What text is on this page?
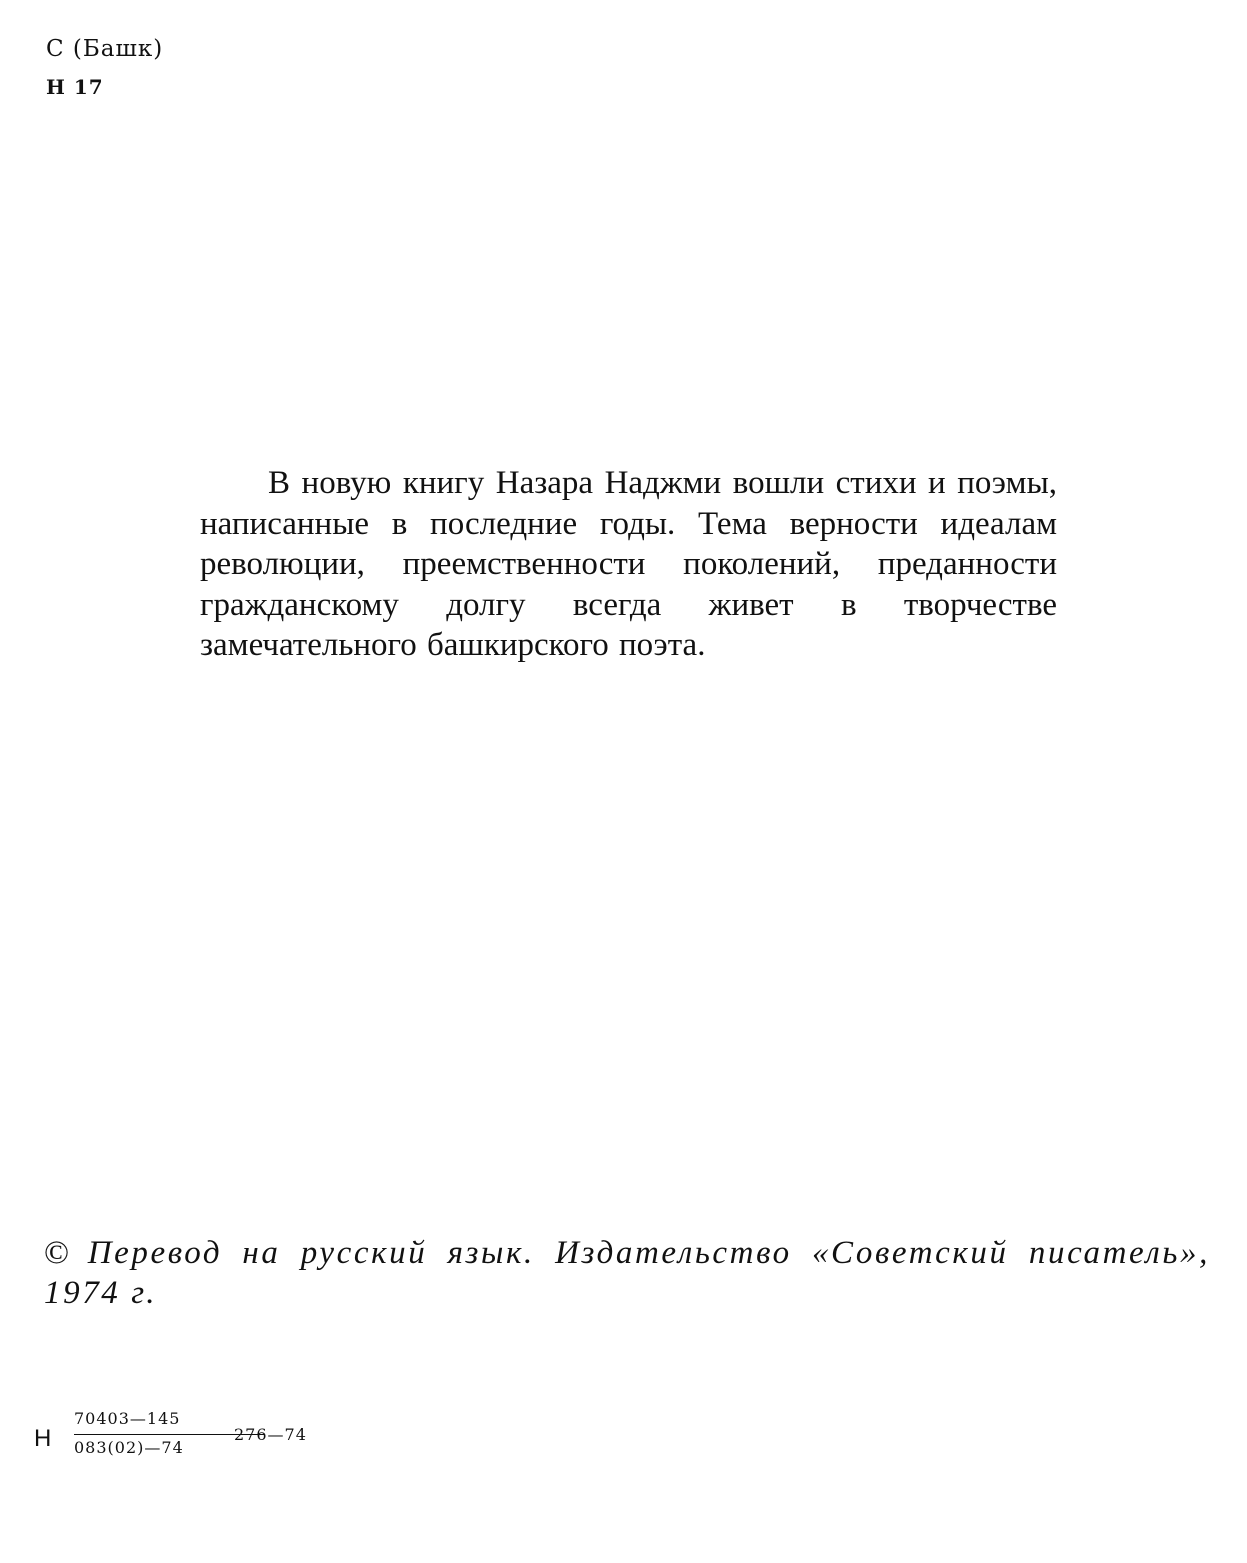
С (Башк)
Н 17

В новую книгу Назара Наджми вошли стихи и поэмы, написанные в последние годы. Тема верности идеалам революции, преемственности поколений, преданности гражданскому долгу всегда живет в творчестве замечательного башкирского поэта.

© Перевод на русский язык. Издательство «Советский писатель», 1974 г.

Н
70403—145
083(02)—74
276—74
